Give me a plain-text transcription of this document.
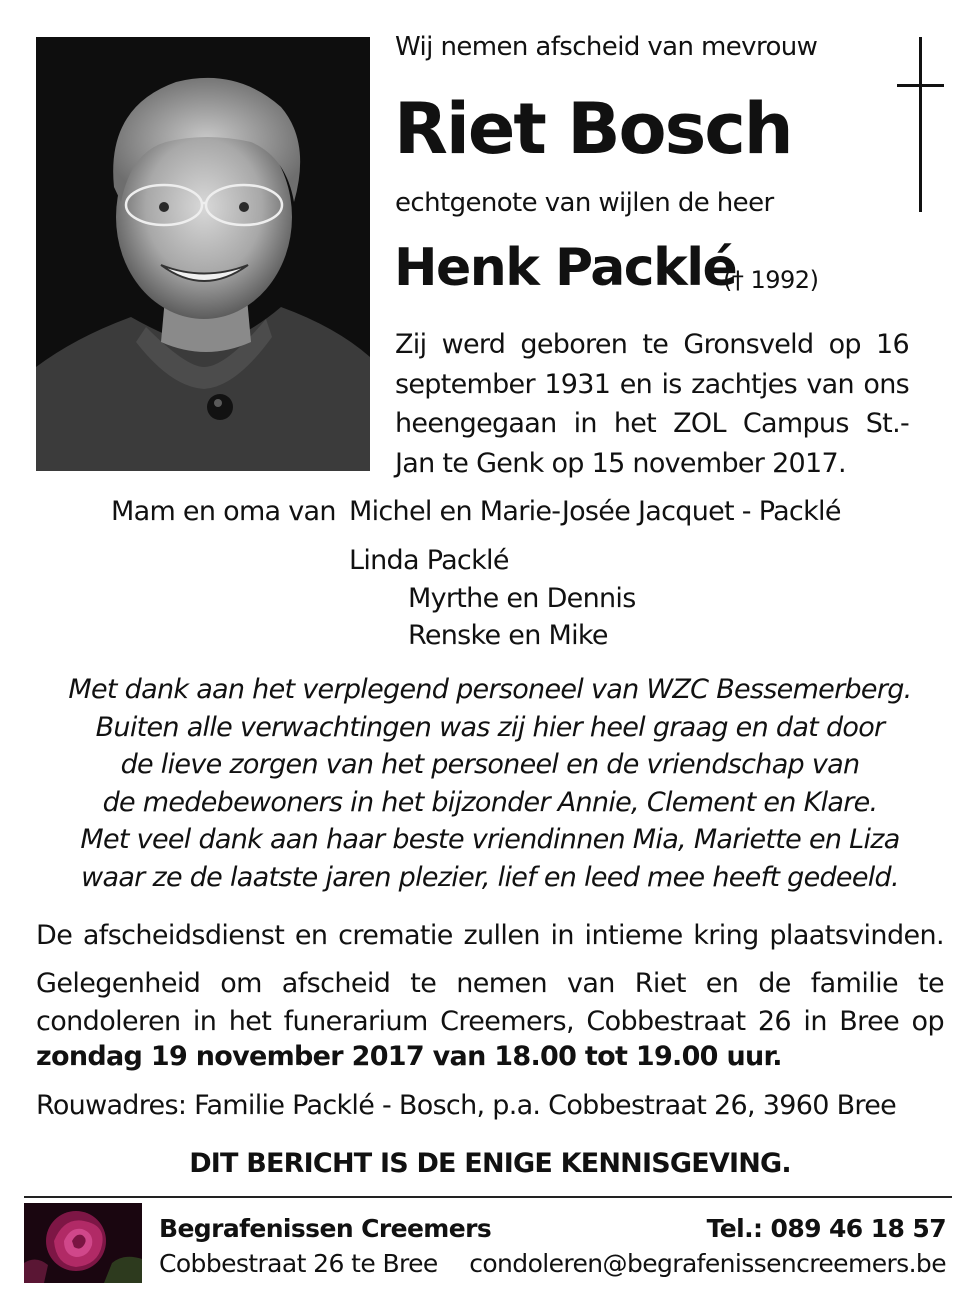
Wij nemen afscheid van mevrouw
Riet Bosch
echtgenote van wijlen de heer
Henk Packlé
(† 1992)
Zij werd geboren te Gronsveld op 16 september 1931 en is zachtjes van ons heengegaan in het ZOL Campus St.- Jan te Genk op 15 november 2017.
Mam en oma van Michel en Marie-Josée Jacquet - Packlé
Linda Packlé
Myrthe en Dennis
Renske en Mike
Met dank aan het verplegend personeel van WZC Bessemerberg.
Buiten alle verwachtingen was zij hier heel graag en dat door
de lieve zorgen van het personeel en de vriendschap van
de medebewoners in het bijzonder Annie, Clement en Klare.
Met veel dank aan haar beste vriendinnen Mia, Mariette en Liza
waar ze de laatste jaren plezier, lief en leed mee heeft gedeeld.
De afscheidsdienst en crematie zullen in intieme kring plaatsvinden.
Gelegenheid om afscheid te nemen van Riet en de familie te
condoleren in het funerarium Creemers, Cobbestraat 26 in Bree op
zondag 19 november 2017 van 18.00 tot 19.00 uur.
Rouwadres: Familie Packlé - Bosch, p.a. Cobbestraat 26, 3960 Bree
DIT BERICHT IS DE ENIGE KENNISGEVING.
Begrafenissen Creemers
Cobbestraat 26 te Bree
Tel.: 089 46 18 57
condoleren@begrafenissencreemers.be
